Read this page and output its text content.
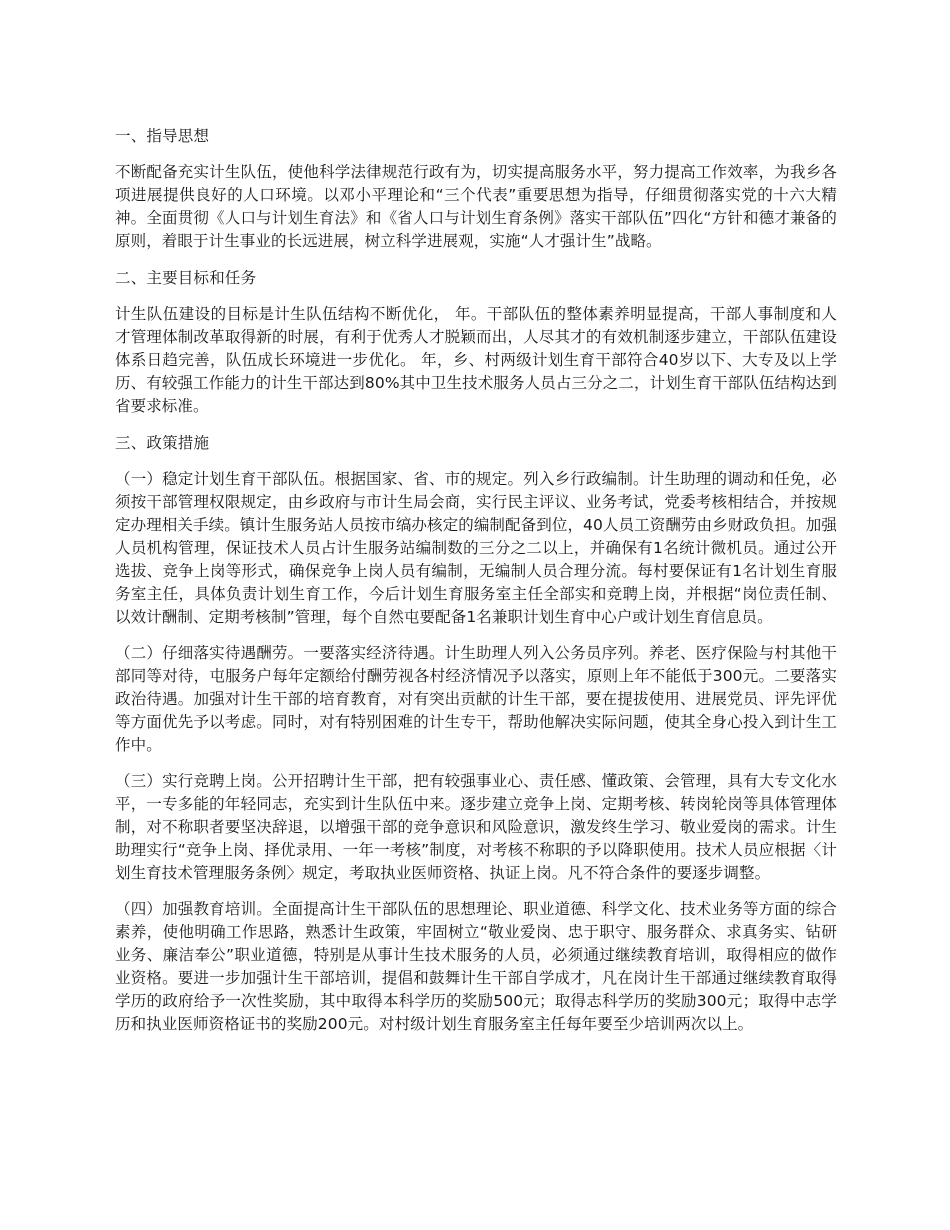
一、指导思想

不断配备充实计生队伍，使他科学法律规范行政有为，切实提高服务水平，努力提高工作效率，为我乡各项进展提供良好的人口环境。以邓小平理论和“三个代表”重要思想为指导，仔细贯彻落实党的十六大精神。全面贯彻《人口与计划生育法》和《省人口与计划生育条例》落实干部队伍”四化“方针和德才兼备的原则，着眼于计生事业的长远进展，树立科学进展观，实施“人才强计生”战略。

二、主要目标和任务

计生队伍建设的目标是计生队伍结构不断优化， 年。干部队伍的整体素养明显提高，干部人事制度和人才管理体制改革取得新的时展，有利于优秀人才脱颖而出，人尽其才的有效机制逐步建立，干部队伍建设体系日趋完善，队伍成长环境进一步优化。 年，乡、村两级计划生育干部符合40岁以下、大专及以上学历、有较强工作能力的计生干部达到80%其中卫生技术服务人员占三分之二，计划生育干部队伍结构达到省要求标准。

三、政策措施

（一）稳定计划生育干部队伍。根据国家、省、市的规定。列入乡行政编制。计生助理的调动和任免，必须按干部管理权限规定，由乡政府与市计生局会商，实行民主评议、业务考试，党委考核相结合，并按规定办理相关手续。镇计生服务站人员按市缟办核定的编制配备到位，40人员工资酬劳由乡财政负担。加强人员机构管理，保证技术人员占计生服务站编制数的三分之二以上，并确保有1名统计微机员。通过公开选拔、竞争上岗等形式，确保竞争上岗人员有编制，无编制人员合理分流。每村要保证有1名计划生育服务室主任，具体负责计划生育工作，今后计划生育服务室主任全部实和竞聘上岗，并根据“岗位责任制、以效计酬制、定期考核制”管理，每个自然屯要配备1名兼职计划生育中心户或计划生育信息员。

（二）仔细落实待遇酬劳。一要落实经济待遇。计生助理人列入公务员序列。养老、医疗保险与村其他干部同等对待，屯服务户每年定额给付酬劳视各村经济情况予以落实，原则上年不能低于300元。二要落实政治待遇。加强对计生干部的培育教育，对有突出贡献的计生干部，要在提拔使用、进展党员、评先评优等方面优先予以考虑。同时，对有特别困难的计生专干，帮助他解决实际问题，使其全身心投入到计生工作中。

（三）实行竞聘上岗。公开招聘计生干部，把有较强事业心、责任感、懂政策、会管理，具有大专文化水平，一专多能的年轻同志，充实到计生队伍中来。逐步建立竞争上岗、定期考核、转岗轮岗等具体管理体制，对不称职者要坚决辞退，以增强干部的竞争意识和风险意识，激发终生学习、敬业爱岗的需求。计生助理实行“竞争上岗、择优录用、一年一考核”制度，对考核不称职的予以降职使用。技术人员应根据〈计划生育技术管理服务条例〉规定，考取执业医师资格、执证上岗。凡不符合条件的要逐步调整。

（四）加强教育培训。全面提高计生干部队伍的思想理论、职业道德、科学文化、技术业务等方面的综合素养，使他明确工作思路，熟悉计生政策，牢固树立“敬业爱岗、忠于职守、服务群众、求真务实、钻研业务、廉洁奉公”职业道德，特别是从事计生技术服务的人员，必须通过继续教育培训，取得相应的做作业资格。要进一步加强计生干部培训，提倡和鼓舞计生干部自学成才，凡在岗计生干部通过继续教育取得学历的政府给予一次性奖励，其中取得本科学历的奖励500元；取得志科学历的奖励300元；取得中志学历和执业医师资格证书的奖励200元。对村级计划生育服务室主任每年要至少培训两次以上。
